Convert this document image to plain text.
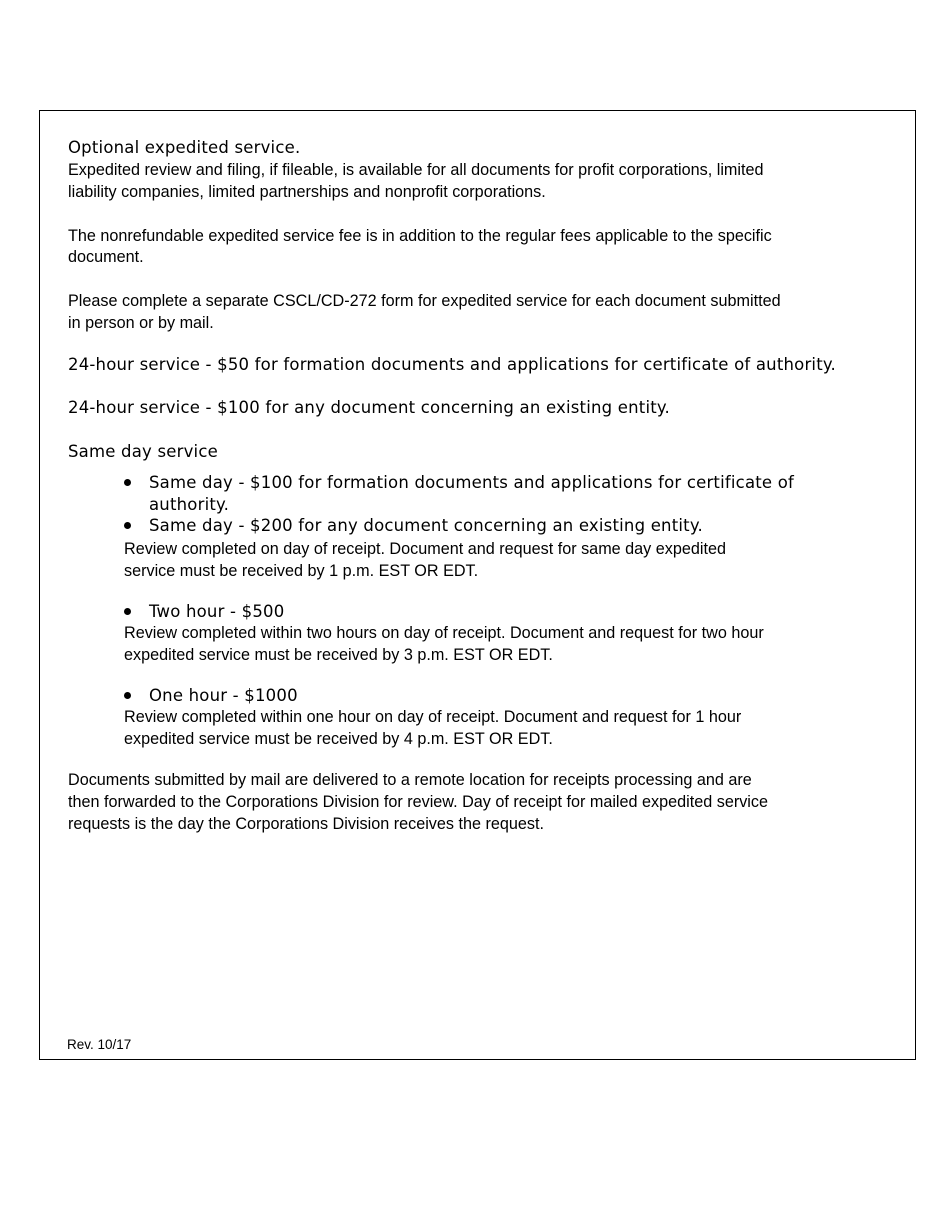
Optional expedited service.

Expedited review and filing, if fileable, is available for all documents for profit corporations, limited

liability companies, limited partnerships and nonprofit corporations.

The nonrefundable expedited service fee is in addition to the regular fees applicable to the specific

document.

Please complete a separate CSCL/CD-272 form for expedited service for each document submitted

in person or by mail.

24-hour service - $50 for formation documents and applications for certificate of authority.

24-hour service - $100 for any document concerning an existing entity.

Same day service

Same day - $100 for formation documents and applications for certificate of
authority.
Same day - $200 for any document concerning an existing entity.

Review completed on day of receipt. Document and request for same day expedited

service must be received by 1 p.m. EST OR EDT.

Two hour - $500

Review completed within two hours on day of receipt. Document and request for two hour

expedited service must be received by 3 p.m. EST OR EDT.

One hour - $1000

Review completed within one hour on day of receipt. Document and request for 1 hour

expedited service must be received by 4 p.m. EST OR EDT.

Documents submitted by mail are delivered to a remote location for receipts processing and are

then forwarded to the Corporations Division for review. Day of receipt for mailed expedited service

requests is the day the Corporations Division receives the request.

Rev. 10/17
